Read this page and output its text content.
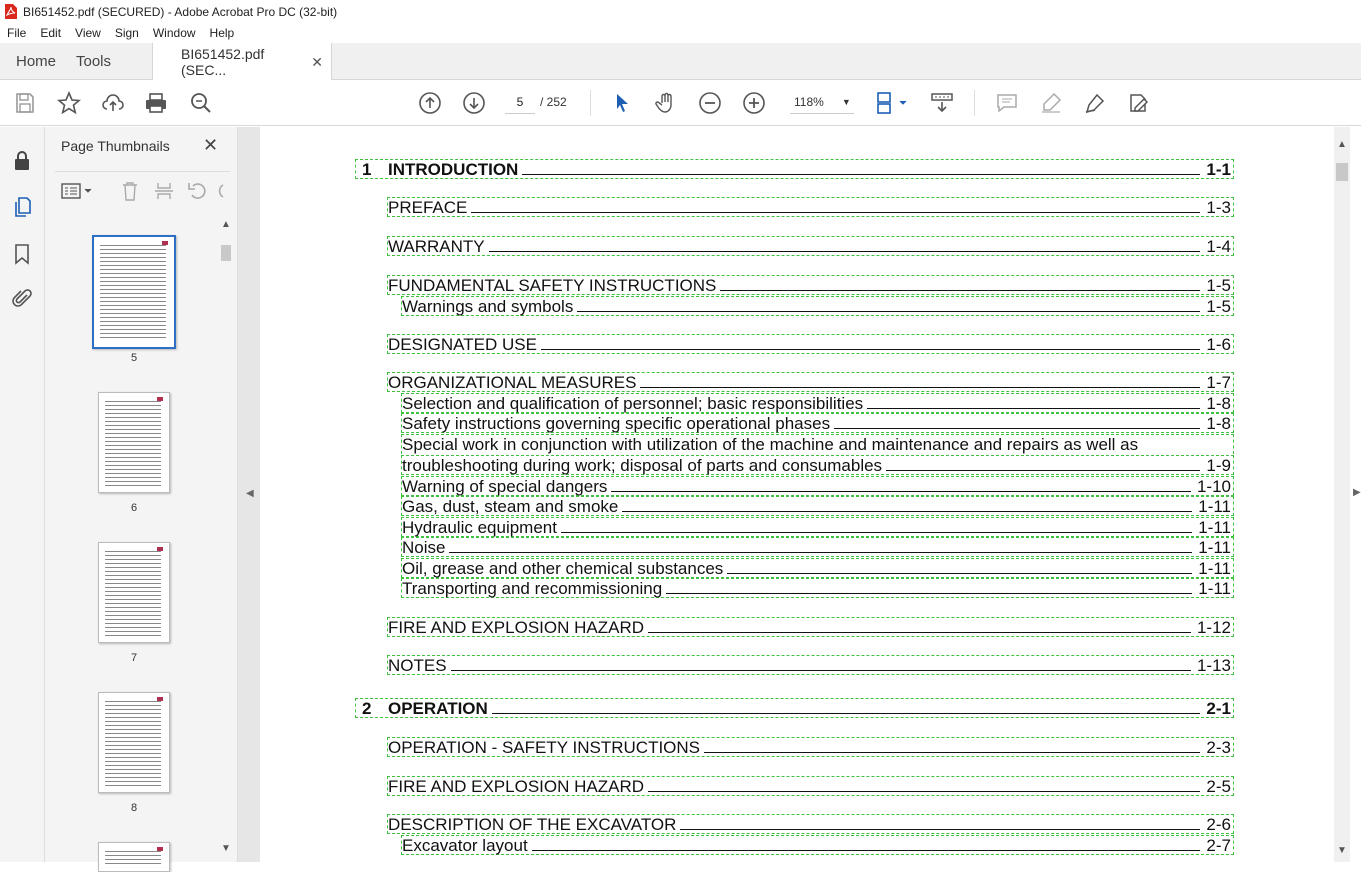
BI651452.pdf (SECURED) - Adobe Acrobat Pro DC (32-bit)
File	Edit	View	Sign	Window	Help
Home	Tools	BI651452.pdf (SEC...
✕
5	/ 252	118% ▼
Page Thumbnails ✕
5
6
7
8
▲
▼
◀
1 INTRODUCTION	1-1
PREFACE	1-3
WARRANTY	1-4
FUNDAMENTAL SAFETY INSTRUCTIONS	1-5
Warnings and symbols	1-5
DESIGNATED USE	1-6
ORGANIZATIONAL MEASURES	1-7
Selection and qualification of personnel; basic responsibilities	1-8
Safety instructions governing specific operational phases	1-8
Special work in conjunction with utilization of the machine and maintenance and repairs as well as
troubleshooting during work; disposal of parts and consumables	1-9
Warning of special dangers	1-10
Gas, dust, steam and smoke	1-11
Hydraulic equipment	1-11
Noise	1-11
Oil, grease and other chemical substances	1-11
Transporting and recommissioning	1-11
FIRE AND EXPLOSION HAZARD	1-12
NOTES	1-13
2 OPERATION	2-1
OPERATION - SAFETY INSTRUCTIONS	2-3
FIRE AND EXPLOSION HAZARD	2-5
DESCRIPTION OF THE EXCAVATOR	2-6
Excavator layout	2-7
▲
▼
▶
